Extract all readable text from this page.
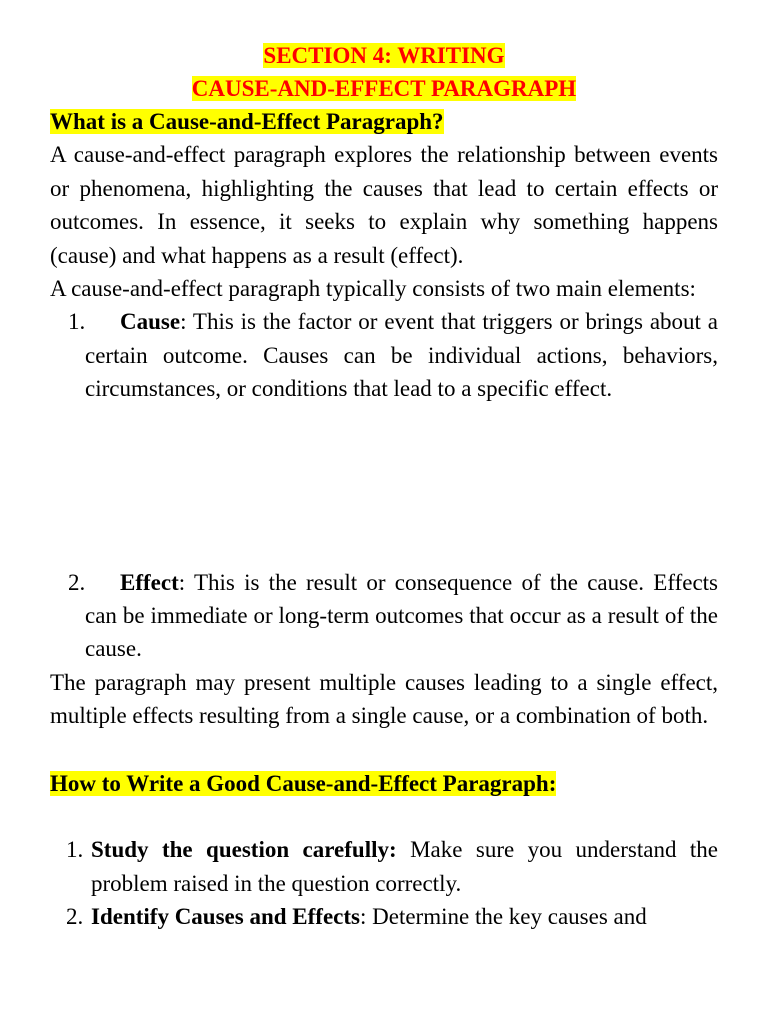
SECTION 4: WRITING
CAUSE-AND-EFFECT PARAGRAPH
What is a Cause-and-Effect Paragraph?

A cause-and-effect paragraph explores the relationship between events or phenomena, highlighting the causes that lead to certain effects or outcomes. In essence, it seeks to explain why something happens (cause) and what happens as a result (effect).

A cause-and-effect paragraph typically consists of two main elements:

1. Cause: This is the factor or event that triggers or brings about a certain outcome. Causes can be individual actions, behaviors, circumstances, or conditions that lead to a specific effect.
2. Effect: This is the result or consequence of the cause. Effects can be immediate or long-term outcomes that occur as a result of the cause.

The paragraph may present multiple causes leading to a single effect, multiple effects resulting from a single cause, or a combination of both.

How to Write a Good Cause-and-Effect Paragraph:
1. Study the question carefully: Make sure you understand the problem raised in the question correctly.
2. Identify Causes and Effects: Determine the key causes and
